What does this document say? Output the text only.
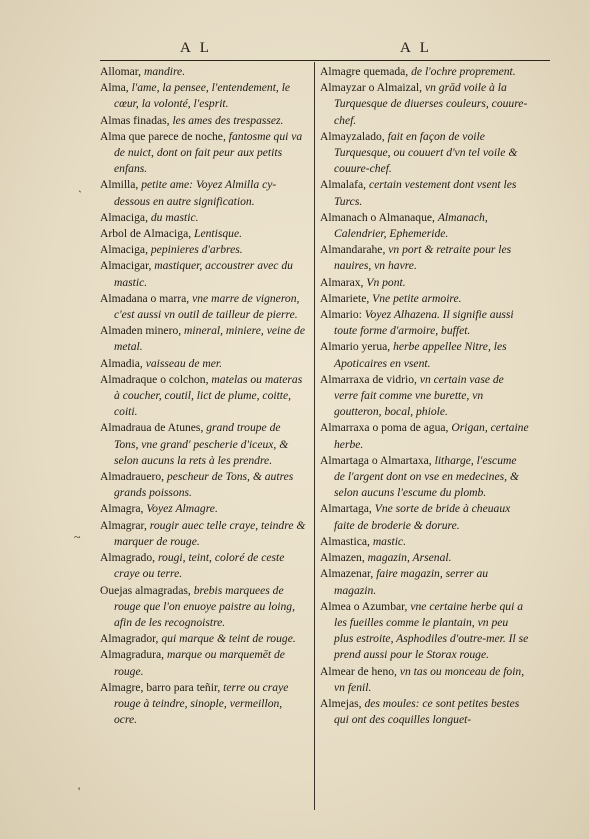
A L	A L
`
~
'

Allomar, mandire.

Alma, l'ame, la pensee, l'entendement, le cœur, la volonté, l'esprit.

Almas finadas, les ames des trespassez.

Alma que parece de noche, fantosme qui va de nuict, dont on fait peur aux petits enfans.

Almilla, petite ame: Voyez Almilla cy-dessous en autre signification.

Almaciga, du mastic.

Arbol de Almaciga, Lentisque.

Almaciga, pepinieres d'arbres.

Almacigar, mastiquer, accoustrer avec du mastic.

Almadana o marra, vne marre de vigneron, c'est aussi vn outil de tailleur de pierre.

Almaden minero, mineral, miniere, veine de metal.

Almadia, vaisseau de mer.

Almadraque o colchon, matelas ou materas à coucher, coutil, lict de plume, coitte, coiti.

Almadraua de Atunes, grand troupe de Tons, vne grand' pescherie d'iceux, & selon aucuns la rets à les prendre.

Almadrauero, pescheur de Tons, & autres grands poissons.

Almagra, Voyez Almagre.

Almagrar, rougir auec telle craye, teindre & marquer de rouge.

Almagrado, rougi, teint, coloré de ceste craye ou terre.

Ouejas almagradas, brebis marquees de rouge que l'on enuoye paistre au loing, afin de les recognoistre.

Almagrador, qui marque & teint de rouge.

Almagradura, marque ou marquemēt de rouge.

Almagre, barro para teñir, terre ou craye rouge à teindre, sinople, vermeillon, ocre.

Almagre quemada, de l'ochre proprement.

Almayzar o Almaizal, vn grād voile à la Turquesque de diuerses couleurs, couure-chef.

Almayzalado, fait en façon de voile Turquesque, ou couuert d'vn tel voile & couure-chef.

Almalafa, certain vestement dont vsent les Turcs.

Almanach o Almanaque, Almanach, Calendrier, Ephemeride.

Almandarahe, vn port & retraite pour les nauires, vn havre.

Almarax, Vn pont.

Almariete, Vne petite armoire.

Almario: Voyez Alhazena. Il signifie aussi toute forme d'armoire, buffet.

Almario yerua, herbe appellee Nitre, les Apoticaires en vsent.

Almarraxa de vidrio, vn certain vase de verre fait comme vne burette, vn goutteron, bocal, phiole.

Almarraxa o poma de agua, Origan, certaine herbe.

Almartaga o Almartaxa, litharge, l'escume de l'argent dont on vse en medecines, & selon aucuns l'escume du plomb.

Almartaga, Vne sorte de bride à cheuaux faite de broderie & dorure.

Almastica, mastic.

Almazen, magazin, Arsenal.

Almazenar, faire magazin, serrer au magazin.

Almea o Azumbar, vne certaine herbe qui a les fueilles comme le plantain, vn peu plus estroite, Asphodiles d'outre-mer. Il se prend aussi pour le Storax rouge.

Almear de heno, vn tas ou monceau de foin, vn fenil.

Almejas, des moules: ce sont petites bestes qui ont des coquilles longuet-
